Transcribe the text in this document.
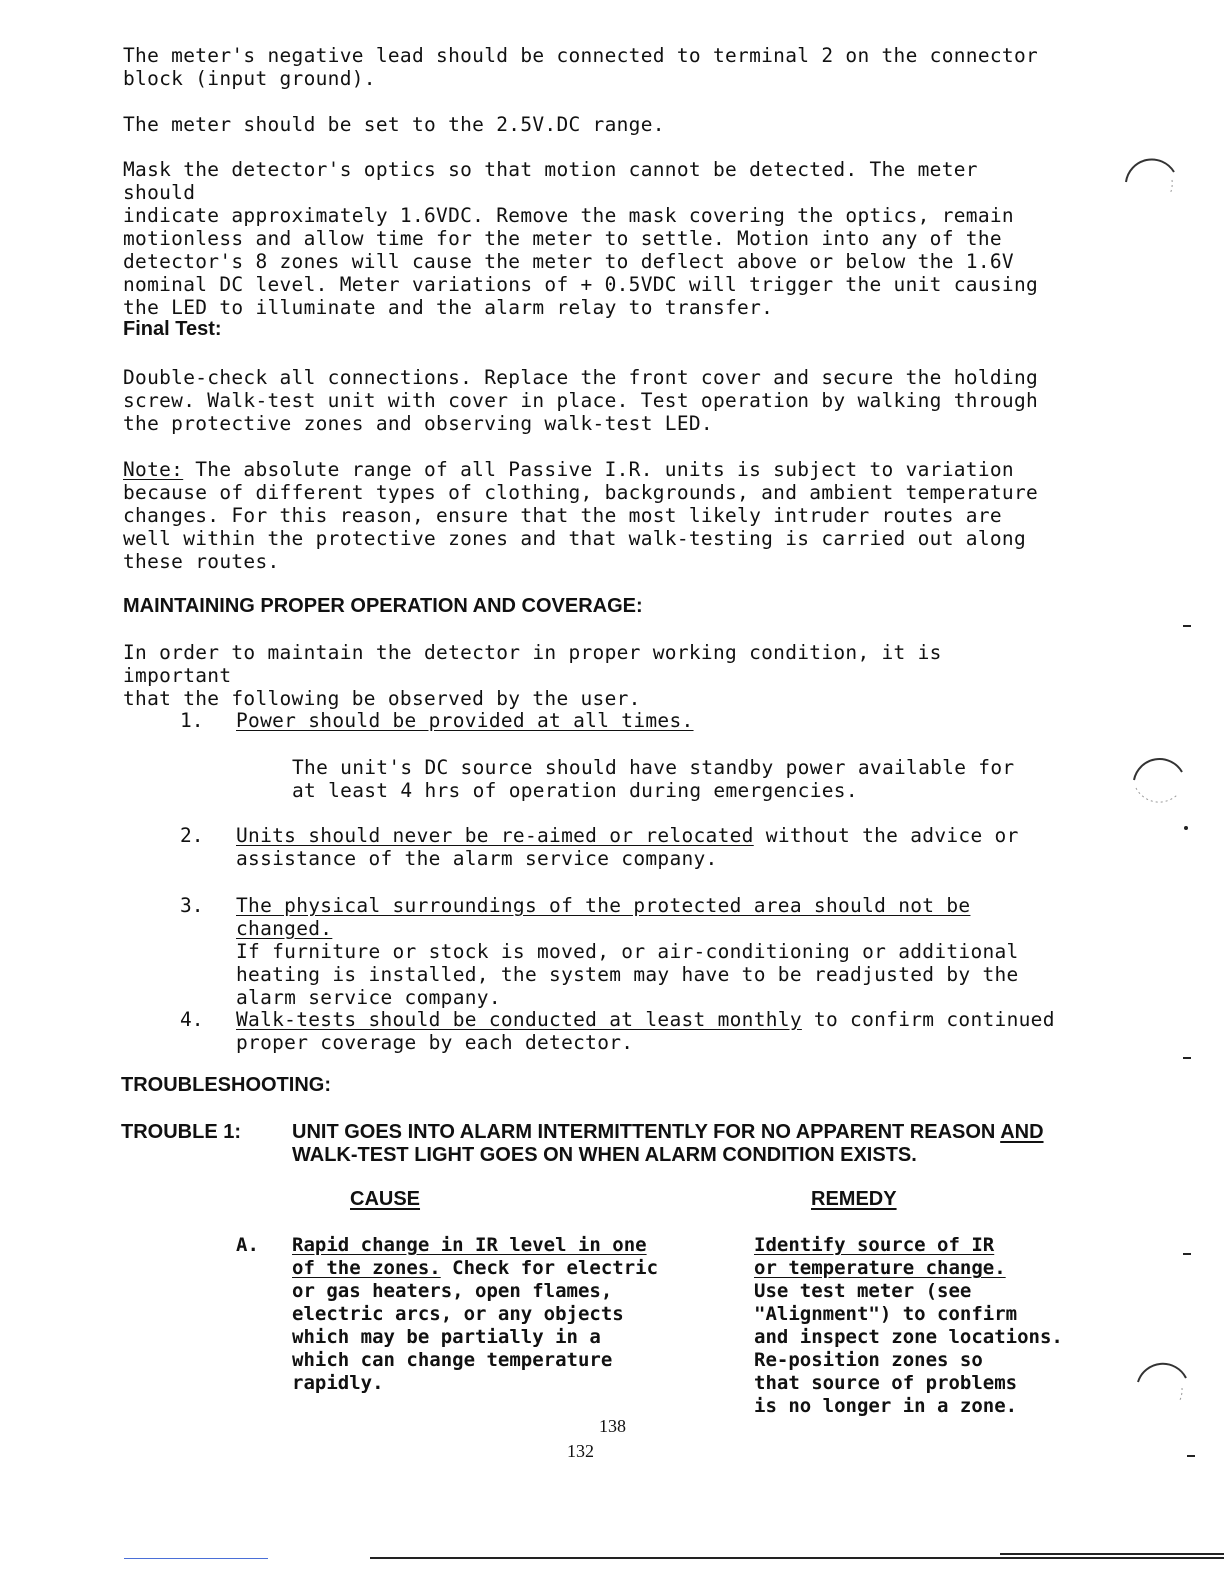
The meter's negative lead should be connected to terminal 2 on the connector
block (input ground).
The meter should be set to the 2.5V.DC range.
Mask the detector's optics so that motion cannot be detected. The meter should
indicate approximately 1.6VDC. Remove the mask covering the optics, remain
motionless and allow time for the meter to settle. Motion into any of the
detector's 8 zones will cause the meter to deflect above or below the 1.6V
nominal DC level. Meter variations of + 0.5VDC will trigger the unit causing
the LED to illuminate and the alarm relay to transfer.
Final Test:
Double-check all connections. Replace the front cover and secure the holding
screw. Walk-test unit with cover in place. Test operation by walking through
the protective zones and observing walk-test LED.
Note: The absolute range of all Passive I.R. units is subject to variation
because of different types of clothing, backgrounds, and ambient temperature
changes. For this reason, ensure that the most likely intruder routes are
well within the protective zones and that walk-testing is carried out along
these routes.
MAINTAINING PROPER OPERATION AND COVERAGE:
In order to maintain the detector in proper working condition, it is important
that the following be observed by the user.
1. Power should be provided at all times.
The unit's DC source should have standby power available for
at least 4 hrs of operation during emergencies.
2. Units should never be re-aimed or relocated without the advice or
assistance of the alarm service company.
3. The physical surroundings of the protected area should not be changed.
If furniture or stock is moved, or air-conditioning or additional
heating is installed, the system may have to be readjusted by the
alarm service company.
4. Walk-tests should be conducted at least monthly to confirm continued
proper coverage by each detector.
TROUBLESHOOTING:
TROUBLE 1:	UNIT GOES INTO ALARM INTERMITTENTLY FOR NO APPARENT REASON AND
WALK-TEST LIGHT GOES ON WHEN ALARM CONDITION EXISTS.
CAUSE	REMEDY
A. Rapid change in IR level in one
of the zones. Check for electric
or gas heaters, open flames,
electric arcs, or any objects
which may be partially in a
which can change temperature
rapidly.
Identify source of IR
or temperature change.
Use test meter (see
"Alignment") to confirm
and inspect zone locations.
Re-position zones so
that source of problems
is no longer in a zone.
138
132
